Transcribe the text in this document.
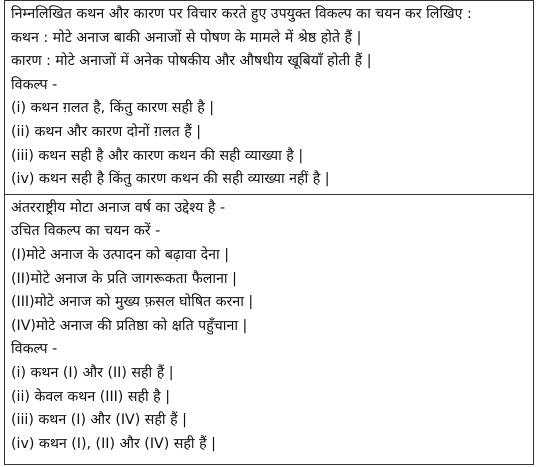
निम्नलिखित कथन और कारण पर विचार करते हुए उपयुक्त विकल्प का चयन कर लिखिए :
कथन : मोटे अनाज बाकी अनाजों से पोषण के मामले में श्रेष्ठ होते हैं |
कारण : मोटे अनाजों में अनेक पोषकीय और औषधीय खूबियाँ होती हैं |
विकल्प -
(i) कथन ग़लत है, किंतु कारण सही है |
(ii) कथन और कारण दोनों ग़लत हैं |
(iii) कथन सही है और कारण कथन की सही व्याख्या है |
(iv) कथन सही है किंतु कारण कथन की सही व्याख्या नहीं है |

अंतरराष्ट्रीय मोटा अनाज वर्ष का उद्देश्य है -
उचित विकल्प का चयन करें -
(I)मोटे अनाज के उत्पादन को बढ़ावा देना |
(II)मोटे अनाज के प्रति जागरूकता फैलाना |
(III)मोटे अनाज को मुख्य फ़सल घोषित करना |
(IV)मोटे अनाज की प्रतिष्ठा को क्षति पहुँचाना |
विकल्प -
(i) कथन (I) और (II) सही हैं |
(ii) केवल कथन (III) सही है |
(iii) कथन (I) और (IV) सही हैं |
(iv) कथन (I), (II) और (IV) सही हैं |
